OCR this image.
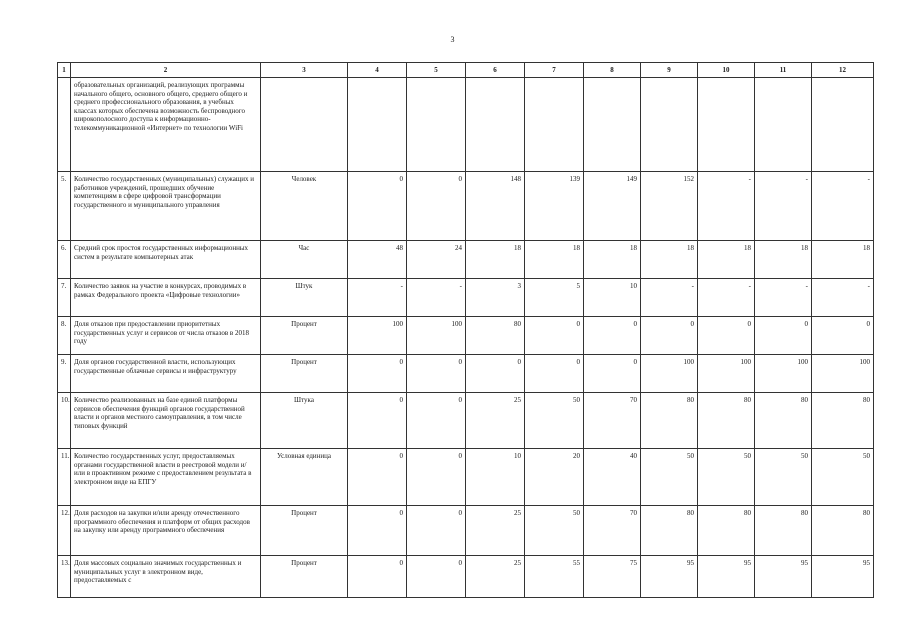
3
1	2	3	4	5	6	7	8	9	10	11	12
	образовательных организаций, реализующих программы начального общего, основного общего, среднего общего и среднего профессионального образования, в учебных классах которых обеспечена возможность беспроводного широкополосного доступа к информационно-телекоммуникационной «Интернет» по технологии WiFi										
5.	Количество государственных (муниципальных) служащих и работников учреждений, прошедших обучение компетенциям в сфере цифровой трансформации государственного и муниципального управления	Человек	0	0	148	139	149	152	-	-	-
6.	Средний срок простоя государственных информационных систем в результате компьютерных атак	Час	48	24	18	18	18	18	18	18	18
7.	Количество заявок на участие в конкурсах, проводимых в рамках Федерального проекта «Цифровые технологии»	Штук	-	-	3	5	10	-	-	-	-
8.	Доля отказов при предоставлении приоритетных государственных услуг и сервисов от числа отказов в 2018 году	Процент	100	100	80	0	0	0	0	0	0
9.	Доля органов государственной власти, использующих государственные облачные сервисы и инфраструктуру	Процент	0	0	0	0	0	100	100	100	100
10.	Количество реализованных на базе единой платформы сервисов обеспечения функций органов государственной власти и органов местного самоуправления, в том числе типовых функций	Штука	0	0	25	50	70	80	80	80	80
11.	Количество государственных услуг, предоставляемых органами государственной власти в реестровой модели и/или в проактивном режиме с предоставлением результата в электронном виде на ЕПГУ	Условная единица	0	0	10	20	40	50	50	50	50
12.	Доля расходов на закупки и/или аренду отечественного программного обеспечения и платформ от общих расходов на закупку или аренду программного обеспечения	Процент	0	0	25	50	70	80	80	80	80
13.	Доля массовых социально значимых государственных и муниципальных услуг в электронном виде, предоставляемых с	Процент	0	0	25	55	75	95	95	95	95
